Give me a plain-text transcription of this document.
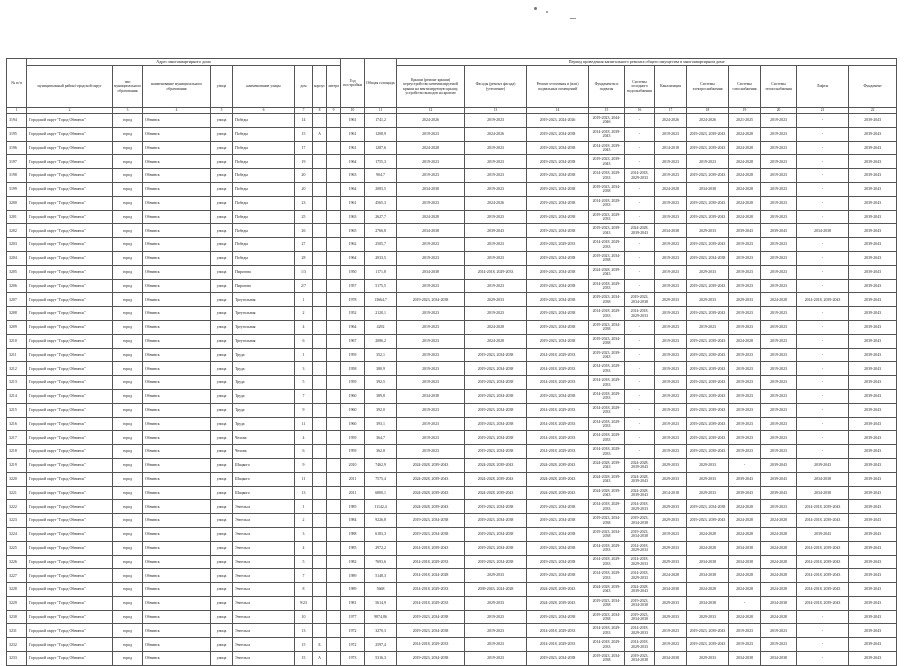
№ п/п	Адрес многоквартирного дома								Год постройки	Общая площадь	Период проведения капитального ремонта общего имущества в многоквартирном доме										
	муниципальный район/городской округ	тип муниципального образования	наименование муниципального образования	улица	наименование улицы	дом	корпус	литера			Крыши (ремонт крыши) переустройство невентилируемой крыши на вентилируемую крышу, устройство выходов на кровлю	Фасады (ремонт фасада) (утепление)	Ремонт отопления и (или) подвальных помещений	Фундаменты и подвалы	Системы холодного водоснабжения	Канализация	Системы электроснабжения	Системы газоснабжения	Системы теплоснабжения	Лифты	Фундамент
1	2	3	4	5	6	7	8	9	10	11	12	13	14	15	16	17	18	19	20	21	22
3194	Городской округ "Город Обнинск"	город	Обнинск	улица	Победы	14			1961	1741,2	2024-2026	2019-2023	2019-2023, 2024-2026	2019-2023, 2044-2046	-	2024-2026	2024-2026	2021-2025	2019-2023	-	2039-2043
3195	Городской округ "Город Обнинск"	город	Обнинск	улица	Победы	15	А		1961	1208,9	2019-2023	2024-2026	2019-2023, 2034-2038	2014-2018, 2039-2043	-	2019-2023	2019-2023, 2039-2043	2024-2028	2019-2023	-	2039-2043
3196	Городской округ "Город Обнинск"	город	Обнинск	улица	Победы	17			1961	1287,6	2024-2028	2019-2023	2019-2023, 2034-2038	2014-2018, 2039-2043	-	2014-2018	2019-2023, 2039-2043	2024-2028	2019-2023	-	2039-2043
3197	Городской округ "Город Обнинск"	город	Обнинск	улица	Победы	19			1964	1755,3	2019-2023	2019-2023	2019-2023, 2034-2038	2019-2023, 2039-2043	-	2019-2023	2019-2023	2024-2028	2019-2023	-	2039-2043
3198	Городской округ "Город Обнинск"	город	Обнинск	улица	Победы	20			1963	904,7	2019-2023	2019-2023	2019-2023, 2034-2038	2014-2018, 2029-2033	2014-2018, 2029-2033	2019-2023	2019-2023, 2039-2043	2024-2028	2019-2023	-	2039-2043
3199	Городской округ "Город Обнинск"	город	Обнинск	улица	Победы	20			1964	2083,5	2034-2038	2019-2023	2019-2023, 2034-2038	2019-2023, 2034-2038	-	2024-2028	2034-2038	2024-2028	2019-2023	-	2039-2043
3200	Городской округ "Город Обнинск"	город	Обнинск	улица	Победы	23			1961	4565,3	2019-2023	2024-2026	2019-2023, 2034-2038	2014-2018, 2029-2033	-	2019-2023	2019-2023, 2039-2043	2024-2028	2019-2023	-	2039-2043
3201	Городской округ "Город Обнинск"	город	Обнинск	улица	Победы	25			1963	2627,7	2024-2028	2019-2023	2019-2023, 2034-2038	2019-2023, 2029-2033	-	2019-2023	2019-2023, 2039-2043	2024-2028	2019-2023	-	2039-2043
3202	Городской округ "Город Обнинск"	город	Обнинск	улица	Победы	26			1965	2766,8	2034-2038	2039-2043	2019-2023, 2034-2038	2019-2023, 2039-2043	2024-2028, 2039-2043	2034-2038	2029-2033	2039-2043	2039-2043	2034-2038	2039-2043
3203	Городской округ "Город Обнинск"	город	Обнинск	улица	Победы	27			1962	2505,7	2019-2023	2019-2023	2019-2023, 2029-2033	2014-2018, 2029-2033	-	2019-2023	2019-2023, 2039-2043	2019-2023	2019-2023	-	2039-2043
3204	Городской округ "Город Обнинск"	город	Обнинск	улица	Победы	28			1964	2033,5	2019-2023	2019-2023	2019-2023, 2034-2038	2019-2023, 2034-2038	-	2019-2023	2019-2023, 2034-2038	2019-2023	2019-2023	-	2039-2043
3205	Городской округ "Город Обнинск"	город	Обнинск	улица	Пирогова	1/3			1950	1171,8	2034-2038	2014-2018, 2029-2033	2019-2023, 2034-2038	2024-2028, 2039-2043	-	2019-2023	2029-2033	2019-2023	2019-2023	-	2039-2043
3206	Городской округ "Город Обнинск"	город	Обнинск	улица	Пирогова	2/7			1957	5175,5	2019-2023	2019-2023	2019-2023, 2034-2038	2014-2018, 2029-2033	-	2019-2023	2019-2023, 2039-2043	2019-2023	2019-2023	-	2039-2043
3207	Городской округ "Город Обнинск"	город	Обнинск	улица	Треугольная	1			1978	13664,7	2019-2023, 2034-2038	2029-2033	2019-2023, 2034-2038	2019-2023, 2034-2038	2019-2023, 2034-2038	2029-2033	2029-2033	2029-2033	2024-2028	2014-2018, 2039-2043	2039-2043
3208	Городской округ "Город Обнинск"	город	Обнинск	улица	Треугольная	2			1952	2120,1	2019-2023	2019-2023	2019-2023, 2034-2038	2014-2018, 2029-2033	2014-2018, 2029-2033	2019-2023	2019-2023, 2039-2043	2019-2023	2019-2023	-	2039-2043
3209	Городской округ "Город Обнинск"	город	Обнинск	улица	Треугольная	4			1964	4292	2019-2023	2024-2028	2019-2023, 2034-2038	2019-2023, 2034-2038	-	2019-2023	2019-2023	2019-2023	2019-2023	-	2039-2043
3210	Городской округ "Город Обнинск"	город	Обнинск	улица	Треугольная	6			1967	2086,2	2019-2023	2024-2028	2019-2023, 2034-2038	2019-2023, 2034-2038	-	2019-2023	2019-2023, 2039-2043	2024-2028	2019-2023	-	2039-2043
3211	Городской округ "Город Обнинск"	город	Обнинск	улица	Труда	1			1959	352,1	2019-2023	2019-2023, 2034-2038	2014-2018, 2029-2033	2019-2023, 2039-2043	-	2019-2023	2019-2023, 2039-2043	2019-2023	2019-2023	-	2039-2043
3212	Городской округ "Город Обнинск"	город	Обнинск	улица	Труда	3			1958	380,9	2019-2023	2019-2023, 2034-2038	2014-2018, 2029-2033	2014-2018, 2029-2033	-	2019-2023	2019-2023, 2039-2043	2019-2023	2019-2023	-	2039-2043
3213	Городской округ "Город Обнинск"	город	Обнинск	улица	Труда	5			1959	392,5	2019-2023	2019-2023, 2034-2038	2014-2018, 2029-2033	2014-2018, 2029-2033	-	2019-2023	2019-2023, 2039-2043	2019-2023	2019-2023	-	2039-2043
3214	Городской округ "Город Обнинск"	город	Обнинск	улица	Труда	7			1960	389,8	2034-2038	2019-2023, 2034-2038	2019-2023, 2034-2038	2014-2018, 2029-2033	-	2019-2023	2019-2023, 2039-2043	2019-2023	2019-2023	-	2039-2043
3215	Городской округ "Город Обнинск"	город	Обнинск	улица	Труда	9			1960	392,0	2019-2023	2019-2023, 2034-2038	2014-2018, 2029-2033	2014-2018, 2029-2033	-	2019-2023	2019-2023, 2039-2043	2019-2023	2019-2023	-	2039-2043
3216	Городской округ "Город Обнинск"	город	Обнинск	улица	Труда	11			1960	393,1	2019-2023	2019-2023, 2034-2038	2014-2018, 2029-2033	2014-2018, 2029-2033	-	2019-2023	2019-2023, 2039-2043	2019-2023	2019-2023	-	2039-2043
3217	Городской округ "Город Обнинск"	город	Обнинск	улица	Чехова	4			1959	364,7	2019-2023	2019-2023, 2034-2038	2014-2018, 2029-2033	2014-2018, 2029-2033	-	2019-2023	2019-2023, 2039-2043	2019-2023	2019-2023	-	2039-2043
3218	Городской округ "Город Обнинск"	город	Обнинск	улица	Чехова	6			1959	362,8	2019-2023	2019-2023, 2034-2038	2014-2018, 2029-2033	2014-2018, 2029-2033	-	2019-2023	2019-2023, 2039-2043	2019-2023	2019-2023	-	2039-2043
3219	Городской округ "Город Обнинск"	город	Обнинск	улица	Шацкого	9			2010	7462,9	2024-2028, 2039-2043	2024-2028, 2039-2043	2024-2028, 2039-2043	2024-2028, 2039-2043	2024-2028, 2039-2043	2029-2033	2029-2033	-	2039-2043	2039-2043	2039-2043
3220	Городской округ "Город Обнинск"	город	Обнинск	улица	Шацкого	11			2011	7575,4	2024-2028, 2039-2043	2024-2028, 2039-2043	2024-2028, 2039-2043	2024-2028, 2039-2043	2024-2028, 2039-2043	2029-2033	2029-2033	2039-2043	2039-2043	2034-2038	2039-2043
3221	Городской округ "Город Обнинск"	город	Обнинск	улица	Шацкого	13			2011	6800,1	2024-2028, 2039-2043	2024-2028, 2039-2043	2024-2028, 2039-2043	2024-2028, 2039-2043	2024-2028, 2039-2043	2014-2018	2029-2033	2039-2043	2039-2043	2034-2038	2039-2043
3222	Городской округ "Город Обнинск"	город	Обнинск	улица	Энгельса	1			1985	11142,4	2024-2028, 2039-2043	2019-2023, 2034-2038	2019-2023, 2034-2038	2014-2018, 2029-2033	2014-2018, 2029-2033	2029-2033	2019-2023, 2034-2038	2024-2028	2019-2023	2014-2018, 2039-2043	2039-2043
3223	Городской округ "Город Обнинск"	город	Обнинск	улица	Энгельса	2			1984	9226,8	2019-2023, 2034-2038	2019-2023, 2034-2038	2019-2023, 2034-2038	2019-2023, 2034-2038	2019-2023, 2034-2038	2029-2033	2019-2023, 2039-2043	2024-2028	2024-2028	2014-2018, 2039-2043	2039-2043
3224	Городской округ "Город Обнинск"	город	Обнинск	улица	Энгельса	3			1988	6183,3	2019-2023, 2034-2038	2019-2023, 2034-2038	2019-2023, 2034-2038	2019-2023, 2034-2038	2019-2023, 2034-2038	2019-2023	2024-2028	2024-2028	2024-2028	2039-2043	2039-2043
3225	Городской округ "Город Обнинск"	город	Обнинск	улица	Энгельса	4			1985	2972,2	2014-2018, 2039-2043	2019-2023, 2034-2038	2019-2023, 2034-2038	2014-2018, 2029-2033	2014-2018, 2029-2033	2029-2033	2024-2028	2034-2038	2024-2028	2014-2018, 2039-2043	2039-2043
3226	Городской округ "Город Обнинск"	город	Обнинск	улица	Энгельса	5			1982	7693,6	2014-2018, 2029-2033	2019-2023, 2034-2038	2019-2023, 2034-2038	2014-2018, 2029-2033	2014-2018, 2029-2033	2029-2033	2034-2038	2034-2038	2024-2028	2014-2018, 2039-2043	2039-2043
3227	Городской округ "Город Обнинск"	город	Обнинск	улица	Энгельса	7			1989	5148,3	2014-2018, 2024-2028	2029-2033	2019-2023, 2034-2038	2014-2018, 2029-2033	2014-2018, 2029-2033	2024-2028	2034-2038	2024-2028	2024-2028	2014-2018, 2039-2043	2039-2043
3228	Городской округ "Город Обнинск"	город	Обнинск	улица	Энгельса	8			1989	5668	2014-2018, 2029-2033	2039-2043, 2024-2028	2024-2028, 2039-2043	2024-2028, 2039-2043	2024-2028, 2039-2043	2034-2038	2024-2028	2024-2028	2024-2028	2014-2018, 2039-2043	2039-2043
3229	Городской округ "Город Обнинск"	город	Обнинск	улица	Энгельса	9/23			1981	5614,9	2014-2018, 2029-2033	2029-2033	2024-2028, 2039-2043	2019-2023, 2034-2038	2019-2023, 2034-2038	2029-2033	2034-2038	-	2034-2038	2014-2018, 2039-2043	2039-2043
3230	Городской округ "Город Обнинск"	город	Обнинск	улица	Энгельса	10			1977	9874,86	2019-2023, 2034-2038	2019-2023	2019-2023, 2034-2038	2019-2023, 2034-2038	2019-2023, 2034-2038	2029-2033	2029-2033	2024-2028	2024-2028	-	2039-2043
3231	Городской округ "Город Обнинск"	город	Обнинск	улица	Энгельса	13			1972	3270,3	2019-2023, 2034-2038	2019-2023	2014-2018, 2029-2033	2014-2018, 2029-2033	2014-2018, 2029-2033	2019-2023	2019-2023, 2039-2043	2019-2023	2019-2023	-	2039-2043
3232	Городской округ "Город Обнинск"	город	Обнинск	улица	Энгельса	15	Б		1972	2597,4	2014-2018, 2029-2033	2019-2023	2014-2018, 2029-2033	2014-2018, 2029-2033	2014-2018, 2029-2033	2019-2023	2019-2023, 2039-2043	2019-2023	2019-2023	-	2039-2043
3233	Городской округ "Город Обнинск"	город	Обнинск	улица	Энгельса	15	А		1973	5316,3	2019-2023, 2034-2038	2019-2023	2019-2023, 2034-2038	2019-2023, 2034-2038	2019-2023, 2034-2038	2034-2038	2029-2033	2034-2038	2034-2038	-	2039-2043
